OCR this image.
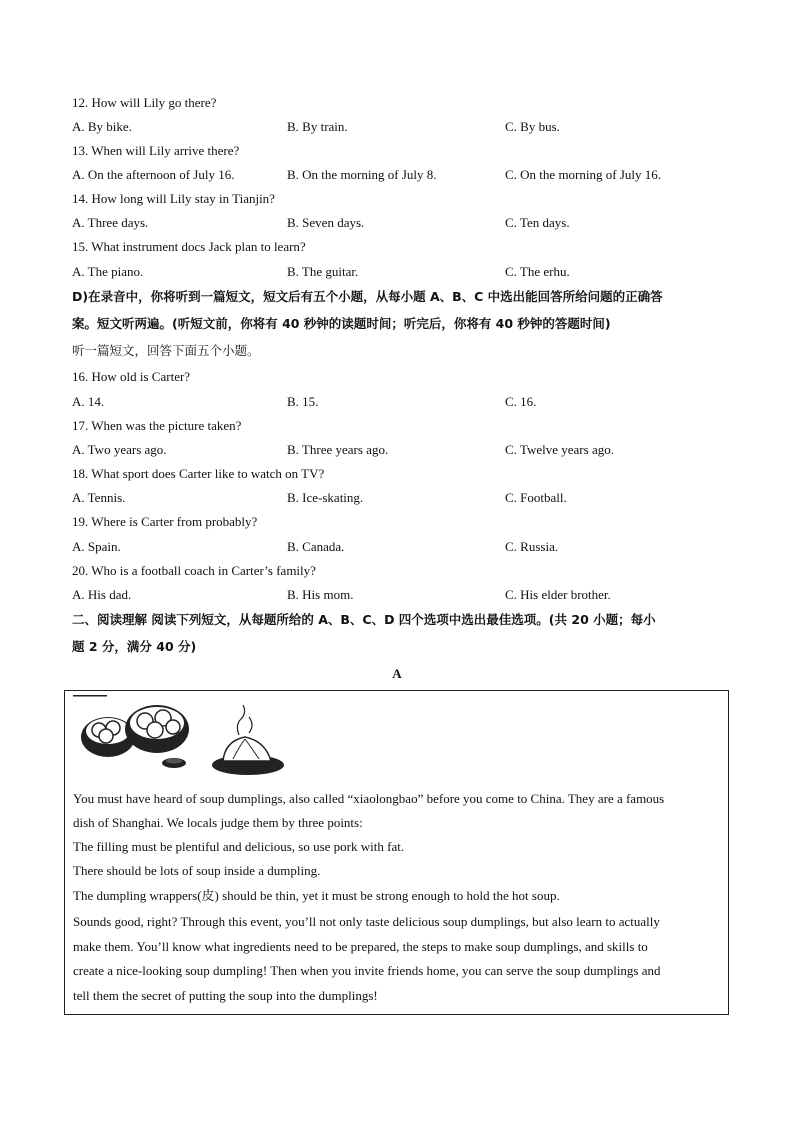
12. How will Lily go there?
A. By bike.	B. By train.	C. By bus.
13. When will Lily arrive there?
A. On the afternoon of July 16.	B. On the morning of July 8.	C. On the morning of July 16.
14. How long will Lily stay in Tianjin?
A. Three days.	B. Seven days.	C. Ten days.
15. What instrument docs Jack plan to learn?
A. The piano.	B. The guitar.	C. The erhu.
D)在录音中，你将听到一篇短文，短文后有五个小题，从每小题 A、B、C 中选出能回答所给问题的正确答
案。短文听两遍。(听短文前，你将有 40 秒钟的读题时间；听完后，你将有 40 秒钟的答题时间)
听一篇短文，回答下面五个小题。
16. How old is Carter?
A. 14.	B. 15.	C. 16.
17. When was the picture taken?
A. Two years ago.	B. Three years ago.	C. Twelve years ago.
18. What sport does Carter like to watch on TV?
A. Tennis.	B. Ice-skating.	C. Football.
19. Where is Carter from probably?
A. Spain.	B. Canada.	C. Russia.
20. Who is a football coach in Carter’s family?
A. His dad.	B. His mom.	C. His elder brother.
二、阅读理解 阅读下列短文，从每题所给的 A、B、C、D 四个选项中选出最佳选项。(共 20 小题；每小
题 2 分，满分 40 分)
A
You must have heard of soup dumplings, also called “xiaolongbao” before you come to China. They are a famous
dish of Shanghai. We locals judge them by three points:
The filling must be plentiful and delicious, so use pork with fat.
There should be lots of soup inside a dumpling.
The dumpling wrappers(皮) should be thin, yet it must be strong enough to hold the hot soup.
Sounds good, right? Through this event, you’ll not only taste delicious soup dumplings, but also learn to actually
make them. You’ll know what ingredients need to be prepared, the steps to make soup dumplings, and skills to
create a nice-looking soup dumpling! Then when you invite friends home, you can serve the soup dumplings and
tell them the secret of putting the soup into the dumplings!
